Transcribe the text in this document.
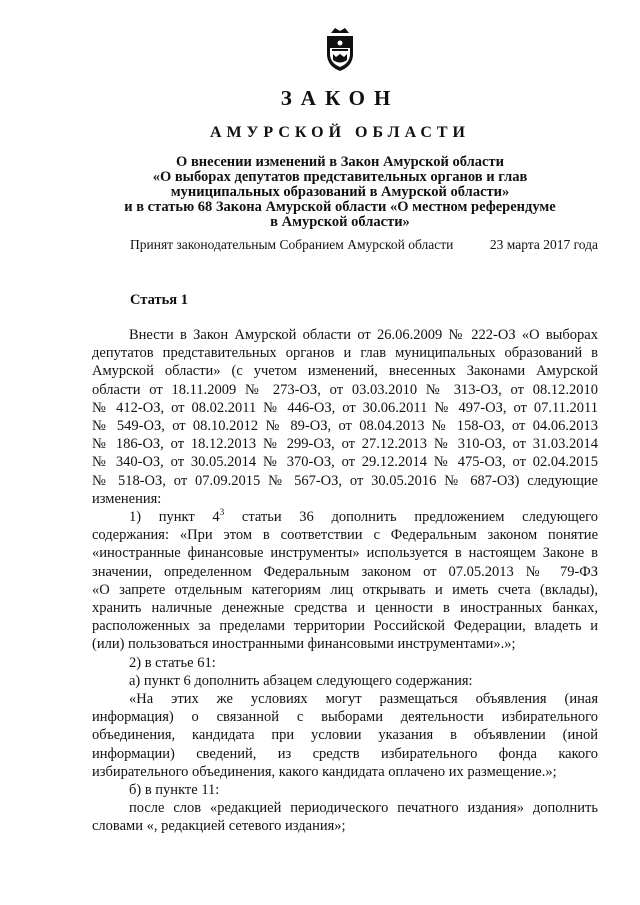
ЗАКОН
АМУРСКОЙ ОБЛАСТИ
О внесении изменений в Закон Амурской области
«О выборах депутатов представительных органов и глав
муниципальных образований в Амурской области»
и в статью 68 Закона Амурской области «О местном референдуме
в Амурской области»
Принят законодательным Собранием Амурской области	23 марта 2017 года
Статья 1

Внести в Закон Амурской области от 26.06.2009 № 222-ОЗ «О выборах

депутатов представительных органов и глав муниципальных образований в

Амурской области» (с учетом изменений, внесенных Законами Амурской

области от 18.11.2009 № 273-ОЗ, от 03.03.2010 № 313-ОЗ, от 08.12.2010

№ 412-ОЗ, от 08.02.2011 № 446-ОЗ, от 30.06.2011 № 497-ОЗ, от 07.11.2011

№ 549-ОЗ, от 08.10.2012 № 89-ОЗ, от 08.04.2013 № 158-ОЗ, от 04.06.2013

№ 186-ОЗ, от 18.12.2013 № 299-ОЗ, от 27.12.2013 № 310-ОЗ, от 31.03.2014

№ 340-ОЗ, от 30.05.2014 № 370-ОЗ, от 29.12.2014 № 475-ОЗ, от 02.04.2015

№ 518-ОЗ, от 07.09.2015 № 567-ОЗ, от 30.05.2016 № 687-ОЗ) следующие

изменения:

1) пункт $4^3$ статьи 36 дополнить предложением следующего

содержания: «При этом в соответствии с Федеральным законом понятие

«иностранные финансовые инструменты» используется в настоящем Законе в

значении, определенном Федеральным законом от 07.05.2013 № 79-ФЗ

«О запрете отдельным категориям лиц открывать и иметь счета (вклады),

хранить наличные денежные средства и ценности в иностранных банках,

расположенных за пределами территории Российской Федерации, владеть и

(или) пользоваться иностранными финансовыми инструментами».»;

2) в статье 61:

а) пункт 6 дополнить абзацем следующего содержания:

«На этих же условиях могут размещаться объявления (иная

информация) о связанной с выборами деятельности избирательного

объединения, кандидата при условии указания в объявлении (иной

информации) сведений, из средств избирательного фонда какого

избирательного объединения, какого кандидата оплачено их размещение.»;

б) в пункте 11:

после слов «редакцией периодического печатного издания» дополнить

словами «, редакцией сетевого издания»;
